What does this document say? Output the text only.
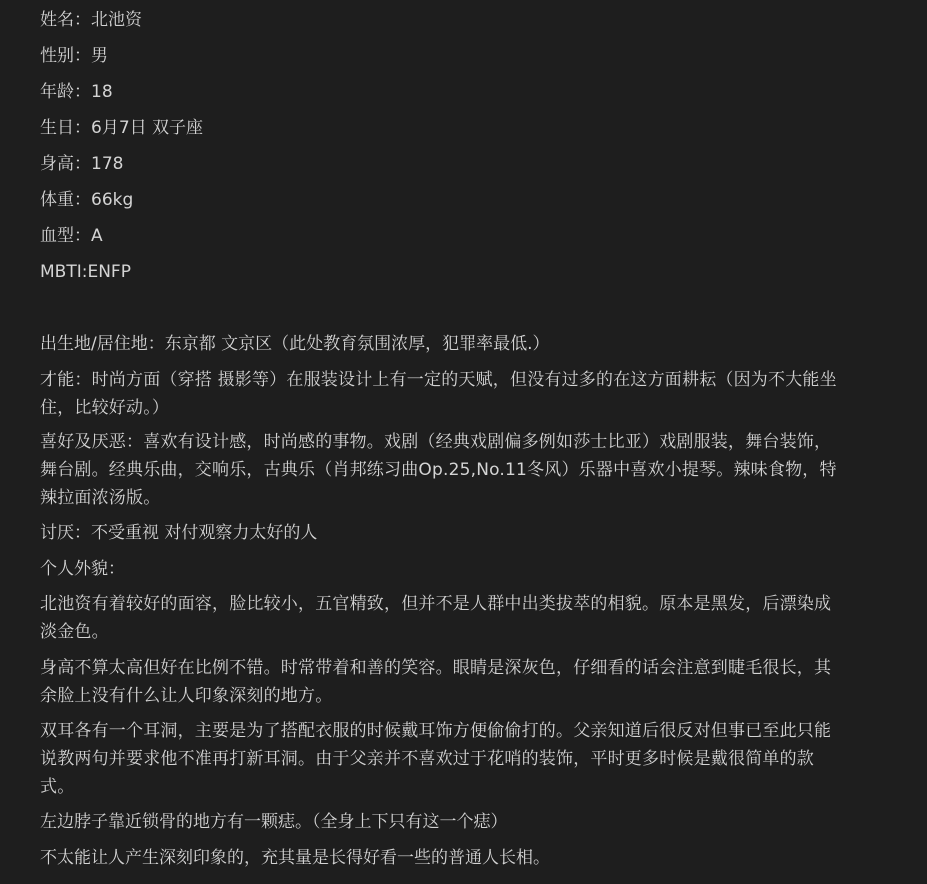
姓名：北池资

性别：男

年龄：18

生日：6月7日 双子座

身高：178

体重：66kg

血型：A

MBTI:ENFP

出生地/居住地：东京都 文京区（此处教育氛围浓厚，犯罪率最低.）

才能：时尚方面（穿搭 摄影等）在服装设计上有一定的天赋，但没有过多的在这方面耕耘（因为不大能坐住，比较好动。）

喜好及厌恶：喜欢有设计感，时尚感的事物。戏剧（经典戏剧偏多例如莎士比亚）戏剧服装，舞台装饰，舞台剧。经典乐曲，交响乐，古典乐（肖邦练习曲Op.25,No.11冬风）乐器中喜欢小提琴。辣味食物，特辣拉面浓汤版。

讨厌：不受重视 对付观察力太好的人

个人外貌：

北池资有着较好的面容，脸比较小，五官精致，但并不是人群中出类拔萃的相貌。原本是黑发，后漂染成淡金色。

身高不算太高但好在比例不错。时常带着和善的笑容。眼睛是深灰色，仔细看的话会注意到睫毛很长，其余脸上没有什么让人印象深刻的地方。

双耳各有一个耳洞，主要是为了搭配衣服的时候戴耳饰方便偷偷打的。父亲知道后很反对但事已至此只能说教两句并要求他不准再打新耳洞。由于父亲并不喜欢过于花哨的装饰，平时更多时候是戴很简单的款式。

左边脖子靠近锁骨的地方有一颗痣。（全身上下只有这一个痣）

不太能让人产生深刻印象的，充其量是长得好看一些的普通人长相。
